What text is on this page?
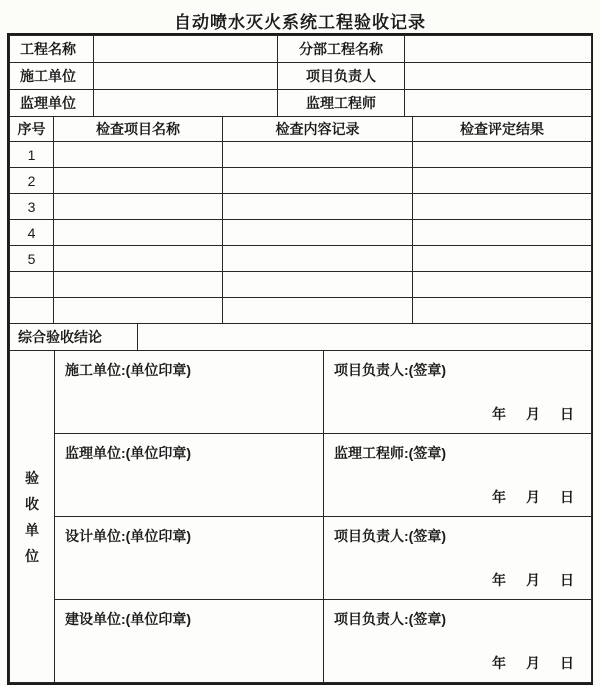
自动喷水灭火系统工程验收记录
工程名称		分部工程名称	
施工单位		项目负责人	
监理单位		监理工程师	
序号	检查项目名称	检查内容记录	检查评定结果
1			
2			
3			
4			
5			

综合验收结论	
验收单位	施工单位:(单位印章)	项目负责人:(签章)
年　月　日

	监理单位:(单位印章)	监理工程师:(签章)
年　月　日

	设计单位:(单位印章)	项目负责人:(签章)
年　月　日

	建设单位:(单位印章)	项目负责人:(签章)
年　月　日
